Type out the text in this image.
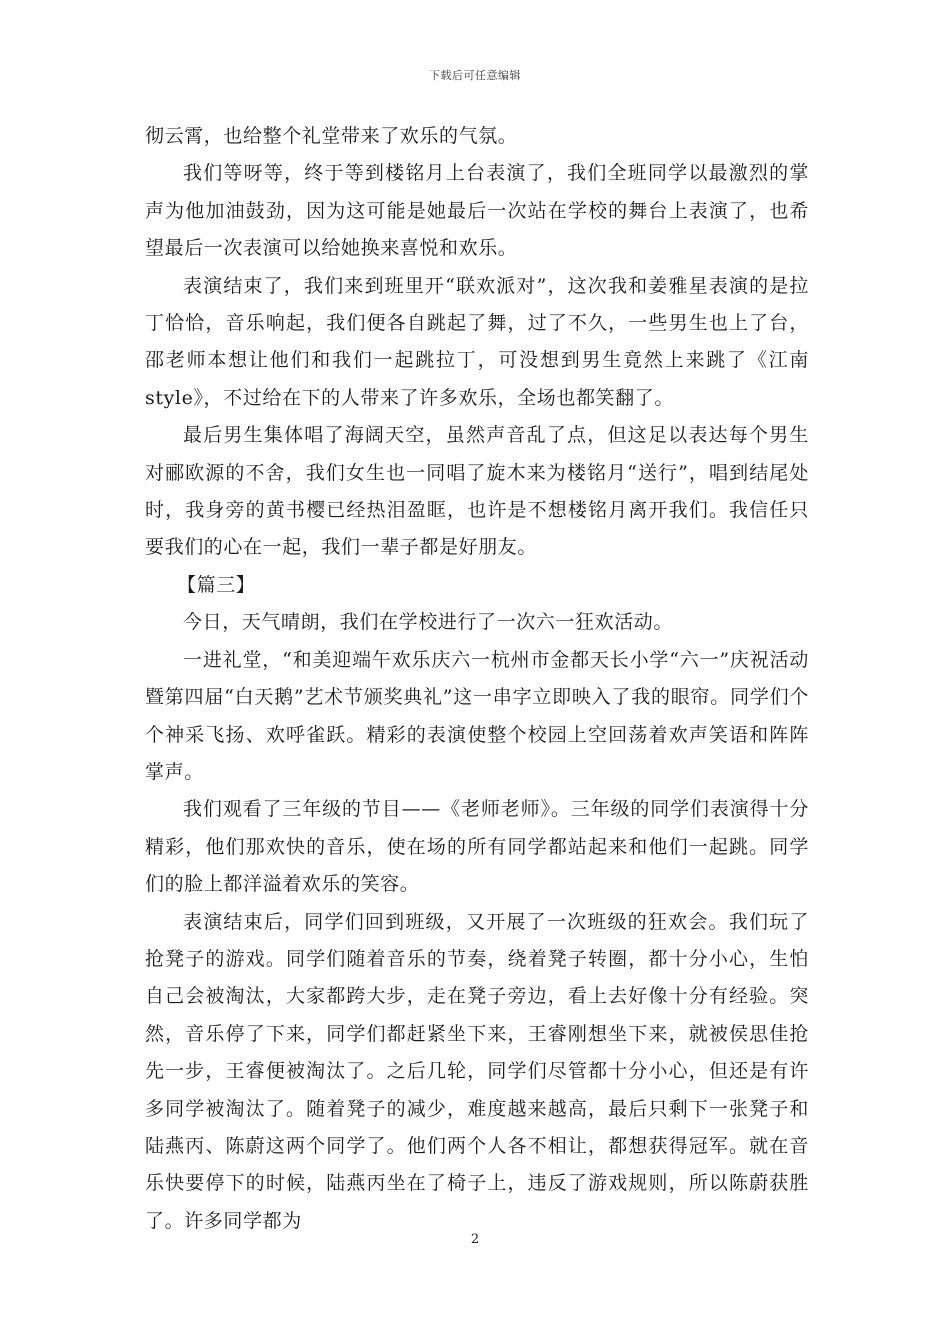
下载后可任意编辑

彻云霄，也给整个礼堂带来了欢乐的气氛。

我们等呀等，终于等到楼铭月上台表演了，我们全班同学以最激烈的掌声为他加油鼓劲，因为这可能是她最后一次站在学校的舞台上表演了，也希望最后一次表演可以给她换来喜悦和欢乐。

表演结束了，我们来到班里开“联欢派对”，这次我和姜雅星表演的是拉丁恰恰，音乐响起，我们便各自跳起了舞，过了不久，一些男生也上了台，邵老师本想让他们和我们一起跳拉丁，可没想到男生竟然上来跳了《江南style》，不过给在下的人带来了许多欢乐，全场也都笑翻了。

最后男生集体唱了海阔天空，虽然声音乱了点，但这足以表达每个男生对郦欧源的不舍，我们女生也一同唱了旋木来为楼铭月“送行”，唱到结尾处时，我身旁的黄书樱已经热泪盈眶，也许是不想楼铭月离开我们。我信任只要我们的心在一起，我们一辈子都是好朋友。

【篇三】

今日，天气晴朗，我们在学校进行了一次六一狂欢活动。

一进礼堂，“和美迎端午欢乐庆六一杭州市金都天长小学“六一”庆祝活动暨第四届“白天鹅”艺术节颁奖典礼”这一串字立即映入了我的眼帘。同学们个个神采飞扬、欢呼雀跃。精彩的表演使整个校园上空回荡着欢声笑语和阵阵掌声。

我们观看了三年级的节目——《老师老师》。三年级的同学们表演得十分精彩，他们那欢快的音乐，使在场的所有同学都站起来和他们一起跳。同学们的脸上都洋溢着欢乐的笑容。

表演结束后，同学们回到班级，又开展了一次班级的狂欢会。我们玩了抢凳子的游戏。同学们随着音乐的节奏，绕着凳子转圈，都十分小心，生怕自己会被淘汰，大家都跨大步，走在凳子旁边，看上去好像十分有经验。突然，音乐停了下来，同学们都赶紧坐下来，王睿刚想坐下来，就被侯思佳抢先一步，王睿便被淘汰了。之后几轮，同学们尽管都十分小心，但还是有许多同学被淘汰了。随着凳子的减少，难度越来越高，最后只剩下一张凳子和陆燕丙、陈蔚这两个同学了。他们两个人各不相让，都想获得冠军。就在音乐快要停下的时候，陆燕丙坐在了椅子上，违反了游戏规则，所以陈蔚获胜了。许多同学都为

2
